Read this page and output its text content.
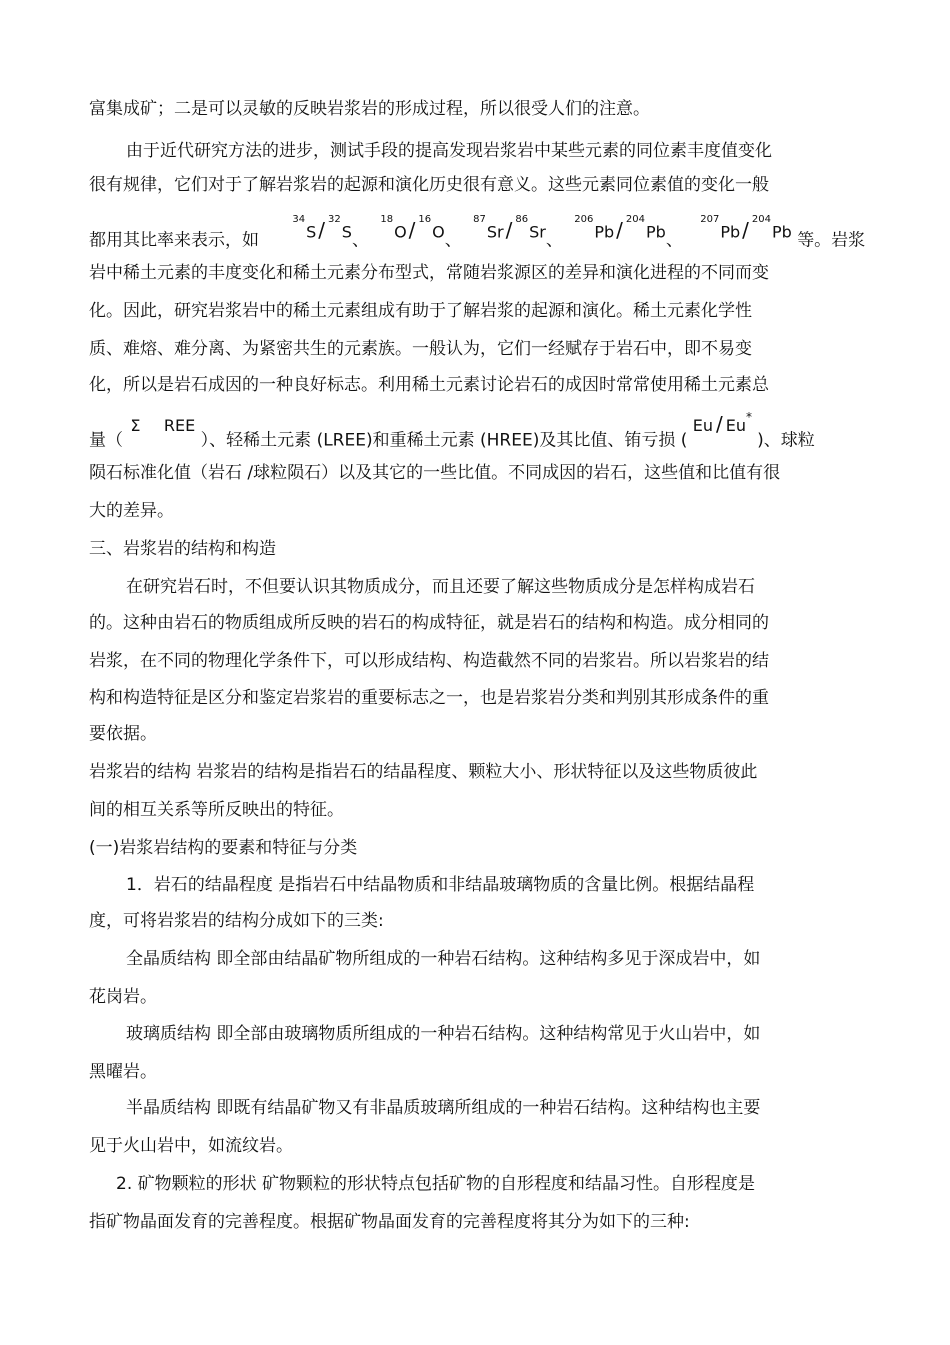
富集成矿；二是可以灵敏的反映岩浆岩的形成过程，所以很受人们的注意。
由于近代研究方法的进步，测试手段的提高发现岩浆岩中某些元素的同位素丰度值变化
很有规律，它们对于了解岩浆岩的起源和演化历史很有意义。这些元素同位素值的变化一般
都用其比率来表示，如 $^{34}$S / $^{32}$S、 $^{18}$O / $^{16}$O、 $^{87}$Sr / $^{86}$Sr、 $^{206}$Pb / $^{204}$Pb、 $^{207}$Pb / $^{204}$Pb 等。岩浆
岩中稀土元素的丰度变化和稀土元素分布型式，常随岩浆源区的差异和演化进程的不同而变
化。因此，研究岩浆岩中的稀土元素组成有助于了解岩浆的起源和演化。稀土元素化学性
质、难熔、难分离、为紧密共生的元素族。一般认为，它们一经赋存于岩石中，即不易变
化，所以是岩石成因的一种良好标志。利用稀土元素讨论岩石的成因时常常使用稀土元素总
量（ Σ REE ）、轻稀土元素 (LREE)和重稀土元素 (HREE)及其比值、铕亏损 ( Eu / Eu* )、球粒
陨石标准化值（岩石 /球粒陨石）以及其它的一些比值。不同成因的岩石，这些值和比值有很
大的差异。
三、岩浆岩的结构和构造
在研究岩石时，不但要认识其物质成分，而且还要了解这些物质成分是怎样构成岩石
的。这种由岩石的物质组成所反映的岩石的构成特征，就是岩石的结构和构造。成分相同的
岩浆，在不同的物理化学条件下，可以形成结构、构造截然不同的岩浆岩。所以岩浆岩的结
构和构造特征是区分和鉴定岩浆岩的重要标志之一，也是岩浆岩分类和判别其形成条件的重
要依据。
岩浆岩的结构 岩浆岩的结构是指岩石的结晶程度、颗粒大小、形状特征以及这些物质彼此
间的相互关系等所反映出的特征。
(一)岩浆岩结构的要素和特征与分类
1．岩石的结晶程度 是指岩石中结晶物质和非结晶玻璃物质的含量比例。根据结晶程
度，可将岩浆岩的结构分成如下的三类:
全晶质结构 即全部由结晶矿物所组成的一种岩石结构。这种结构多见于深成岩中，如
花岗岩。
玻璃质结构 即全部由玻璃物质所组成的一种岩石结构。这种结构常见于火山岩中，如
黑曜岩。
半晶质结构 即既有结晶矿物又有非晶质玻璃所组成的一种岩石结构。这种结构也主要
见于火山岩中，如流纹岩。
2. 矿物颗粒的形状 矿物颗粒的形状特点包括矿物的自形程度和结晶习性。自形程度是
指矿物晶面发育的完善程度。根据矿物晶面发育的完善程度将其分为如下的三种:
